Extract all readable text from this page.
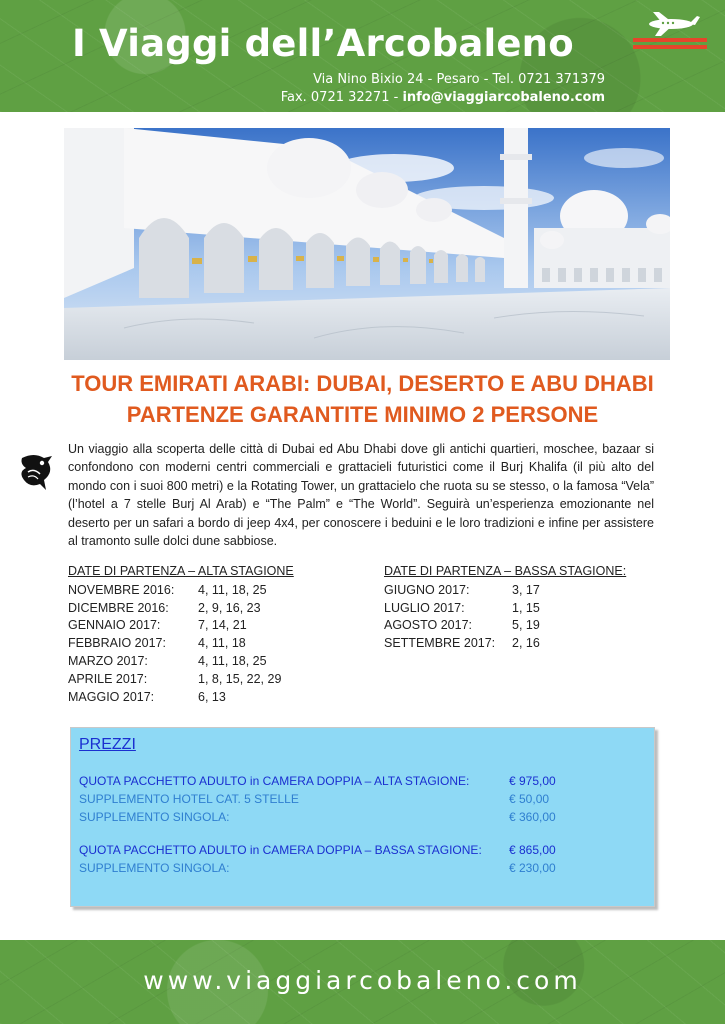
I Viaggi dell’Arcobaleno
Via Nino Bixio 24 - Pesaro - Tel. 0721 371379
Fax. 0721 32271 - info@viaggiarcobaleno.com
TOUR EMIRATI ARABI: DUBAI, DESERTO E ABU DHABI
PARTENZE GARANTITE MINIMO 2 PERSONE

Un viaggio alla scoperta delle città di Dubai ed Abu Dhabi dove gli antichi quartieri, moschee, bazaar si confondono con moderni centri commerciali e grattacieli futuristici come il Burj Khalifa (il più alto del mondo con i suoi 800 metri) e la Rotating Tower, un grattacielo che ruota su se stesso, o la famosa “Vela” (l’hotel a 7 stelle Burj Al Arab) e “The Palm” e “The World”. Seguirà un’esperienza emozionante nel deserto per un safari a bordo di jeep 4x4, per conoscere i beduini e le loro tradizioni e infine per assistere al tramonto sulle dolci dune sabbiose.

DATE DI PARTENZA – ALTA STAGIONE
NOVEMBRE 2016:	4, 11, 18, 25
DICEMBRE 2016:	2, 9, 16, 23
GENNAIO 2017:	7, 14, 21
FEBBRAIO 2017:	4, 11, 18
MARZO 2017:	4, 11, 18, 25
APRILE 2017:	1, 8, 15, 22, 29
MAGGIO 2017:	6, 13
DATE DI PARTENZA – BASSA STAGIONE:
GIUGNO 2017:	3, 17
LUGLIO 2017:	1, 15
AGOSTO 2017:	5, 19
SETTEMBRE 2017:	2, 16
PREZZI
QUOTA PACCHETTO ADULTO in CAMERA DOPPIA – ALTA STAGIONE:	€ 975,00
SUPPLEMENTO HOTEL CAT. 5 STELLE	€ 50,00
SUPPLEMENTO SINGOLA:	€ 360,00
QUOTA PACCHETTO ADULTO in CAMERA DOPPIA – BASSA STAGIONE:	€ 865,00
SUPPLEMENTO SINGOLA:	€ 230,00
www.viaggiarcobaleno.com
